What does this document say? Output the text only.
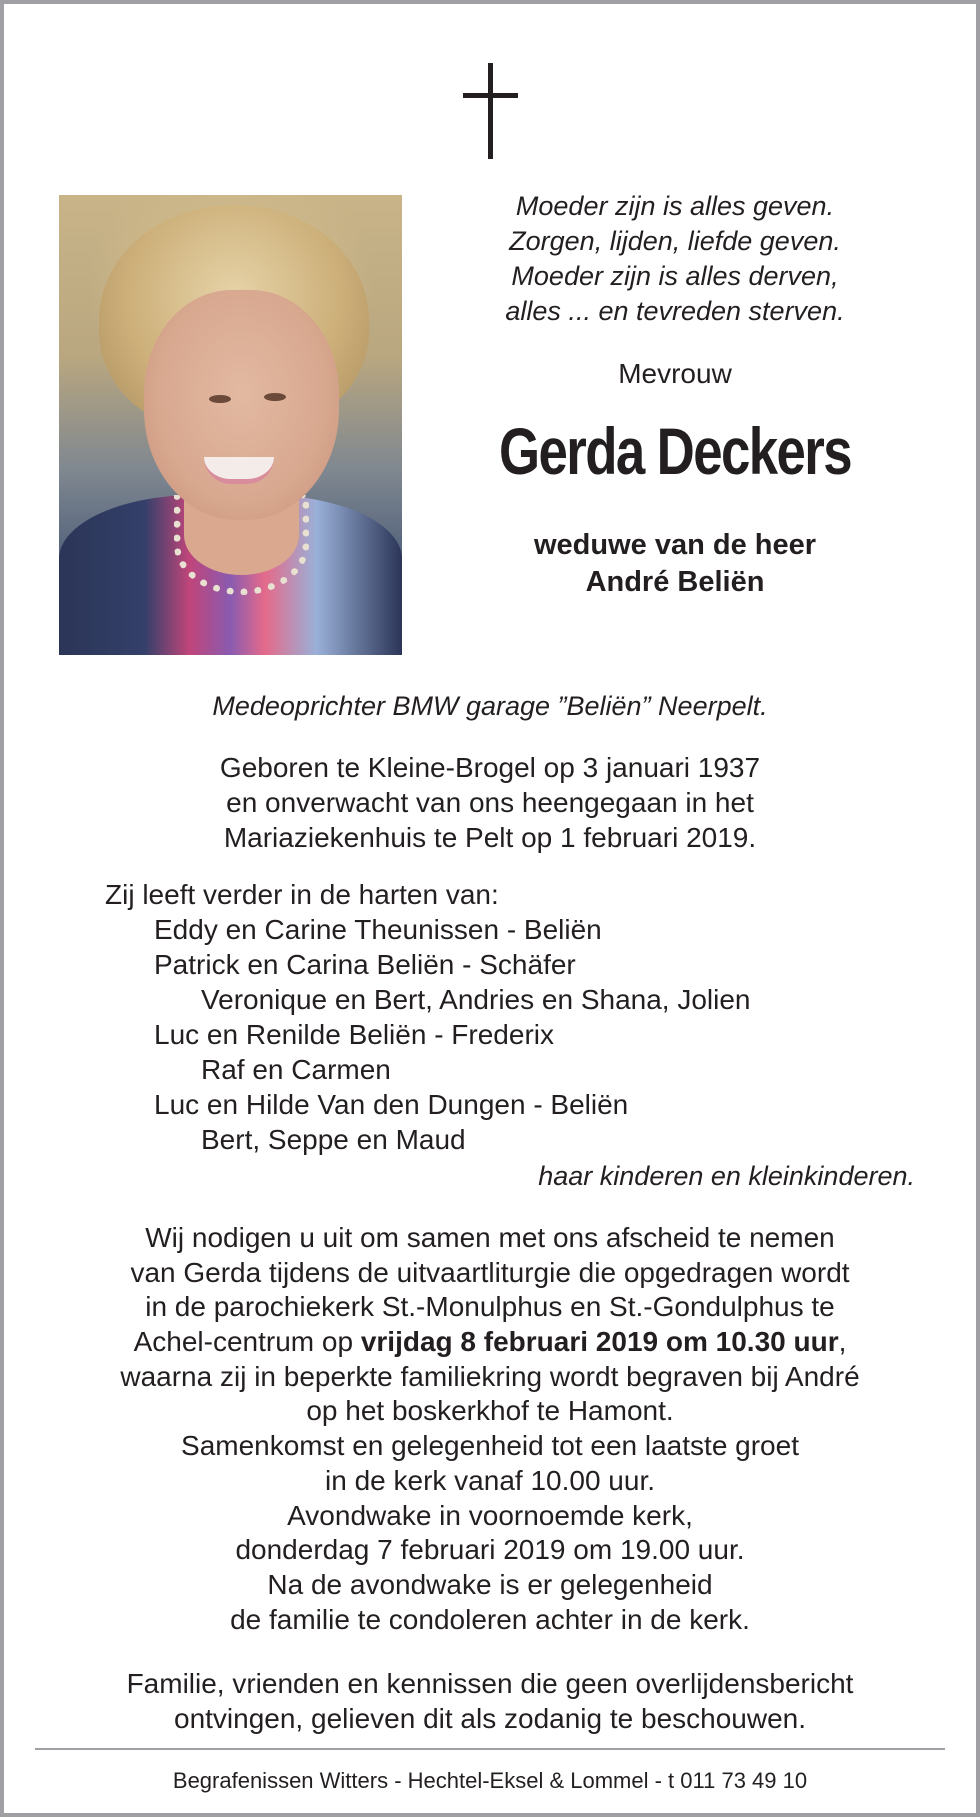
Moeder zijn is alles geven.
Zorgen, lijden, liefde geven.
Moeder zijn is alles derven,
alles ... en tevreden sterven.
Mevrouw
Gerda Deckers
weduwe van de heer
André Beliën
Medeoprichter BMW garage ”Beliën” Neerpelt.
Geboren te Kleine-Brogel op 3 januari 1937
en onverwacht van ons heengegaan in het
Mariaziekenhuis te Pelt op 1 februari 2019.
Zij leeft verder in de harten van:
Eddy en Carine Theunissen - Beliën
Patrick en Carina Beliën - Schäfer
Veronique en Bert, Andries en Shana, Jolien
Luc en Renilde Beliën - Frederix
Raf en Carmen
Luc en Hilde Van den Dungen - Beliën
Bert, Seppe en Maud
haar kinderen en kleinkinderen.
Wij nodigen u uit om samen met ons afscheid te nemen
van Gerda tijdens de uitvaartliturgie die opgedragen wordt
in de parochiekerk St.-Monulphus en St.-Gondulphus te
Achel-centrum op vrijdag 8 februari 2019 om 10.30 uur,
waarna zij in beperkte familiekring wordt begraven bij André
op het boskerkhof te Hamont.
Samenkomst en gelegenheid tot een laatste groet
in de kerk vanaf 10.00 uur.
Avondwake in voornoemde kerk,
donderdag 7 februari 2019 om 19.00 uur.
Na de avondwake is er gelegenheid
de familie te condoleren achter in de kerk.
Familie, vrienden en kennissen die geen overlijdensbericht
ontvingen, gelieven dit als zodanig te beschouwen.
Begrafenissen Witters - Hechtel-Eksel & Lommel - t 011 73 49 10
